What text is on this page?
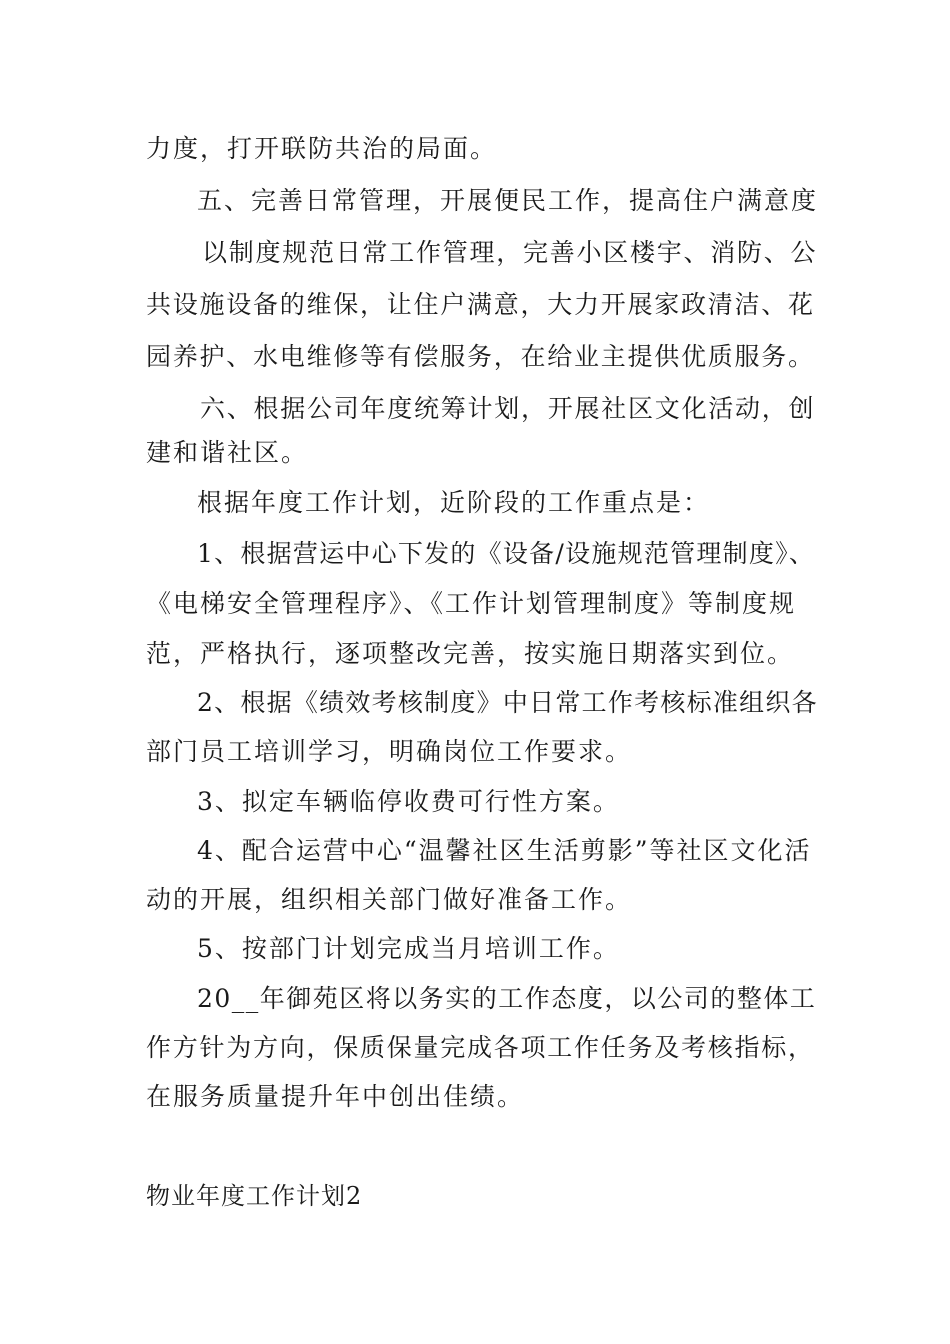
力度，打开联防共治的局面。
五、完善日常管理，开展便民工作，提高住户满意度
以制度规范日常工作管理，完善小区楼宇、消防、公
共设施设备的维保，让住户满意，大力开展家政清洁、花
园养护、水电维修等有偿服务，在给业主提供优质服务。
六、根据公司年度统筹计划，开展社区文化活动，创
建和谐社区。
根据年度工作计划，近阶段的工作重点是：
1、根据营运中心下发的《设备/设施规范管理制度》、
《电梯安全管理程序》、《工作计划管理制度》等制度规
范，严格执行，逐项整改完善，按实施日期落实到位。
2、根据《绩效考核制度》中日常工作考核标准组织各
部门员工培训学习，明确岗位工作要求。
3、拟定车辆临停收费可行性方案。
4、配合运营中心“温馨社区生活剪影”等社区文化活
动的开展，组织相关部门做好准备工作。
5、按部门计划完成当月培训工作。
20__年御苑区将以务实的工作态度，以公司的整体工
作方针为方向，保质保量完成各项工作任务及考核指标，
在服务质量提升年中创出佳绩。
物业年度工作计划2
